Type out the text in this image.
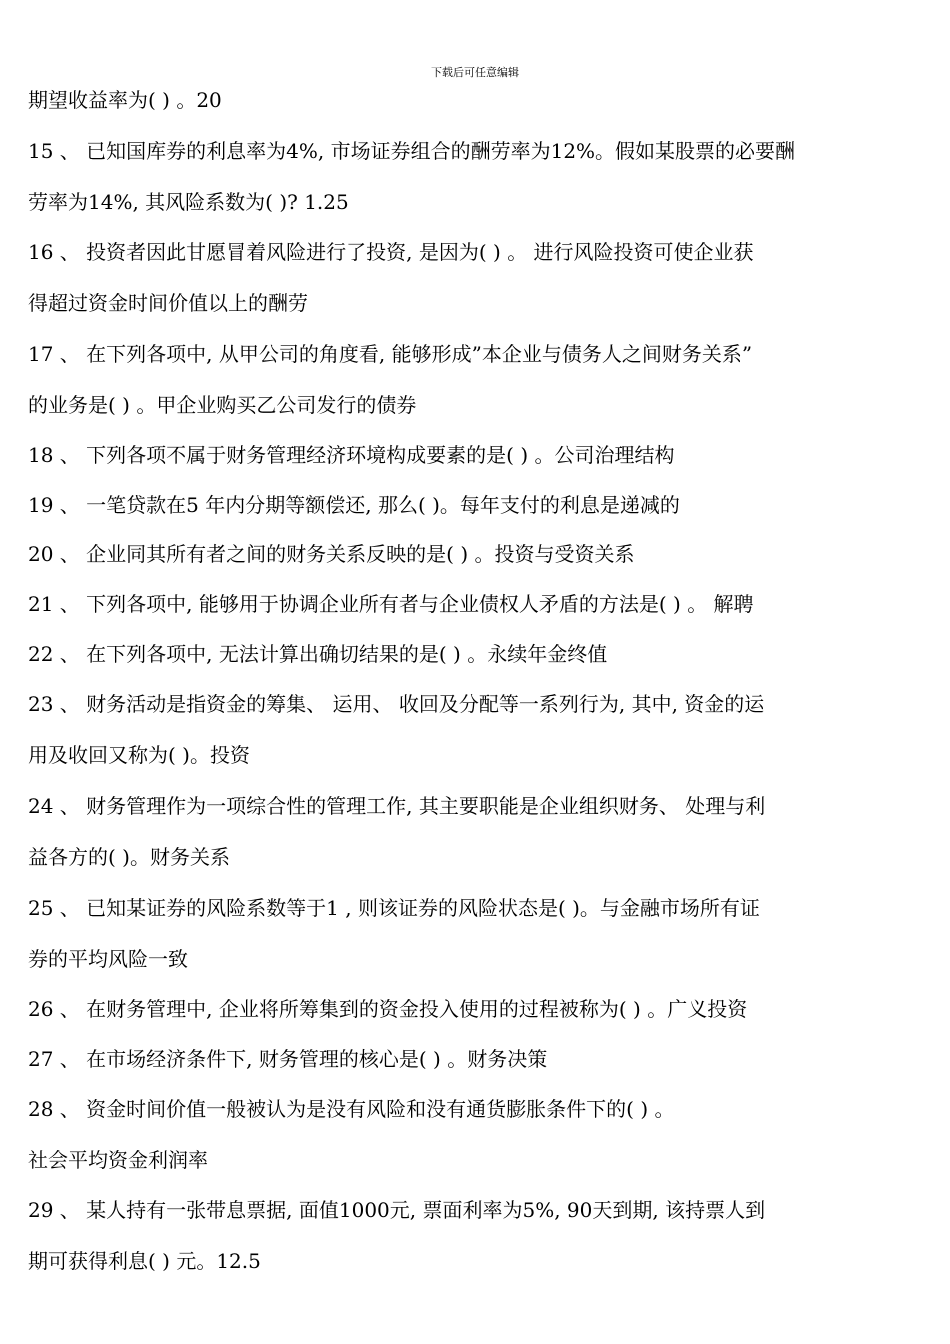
下载后可任意编辑
期望收益率为( ) 。20
15 、 已知国库券的利息率为4%, 市场证券组合的酬劳率为12%。假如某股票的必要酬
劳率为14%, 其风险系数为( )? 1.25
16 、 投资者因此甘愿冒着风险进行了投资, 是因为( ) 。 进行风险投资可使企业获
得超过资金时间价值以上的酬劳
17 、 在下列各项中, 从甲公司的角度看, 能够形成”本企业与债务人之间财务关系”
的业务是( ) 。甲企业购买乙公司发行的债券
18 、 下列各项不属于财务管理经济环境构成要素的是( ) 。公司治理结构
19 、 一笔贷款在5 年内分期等额偿还, 那么( )。每年支付的利息是递减的
20 、 企业同其所有者之间的财务关系反映的是( ) 。投资与受资关系
21 、 下列各项中, 能够用于协调企业所有者与企业债权人矛盾的方法是( ) 。 解聘
22 、 在下列各项中, 无法计算出确切结果的是( ) 。永续年金终值
23 、 财务活动是指资金的筹集、 运用、 收回及分配等一系列行为, 其中, 资金的运
用及收回又称为( )。投资
24 、 财务管理作为一项综合性的管理工作, 其主要职能是企业组织财务、 处理与利
益各方的( )。财务关系
25 、 已知某证券的风险系数等于1 , 则该证券的风险状态是( )。与金融市场所有证
券的平均风险一致
26 、 在财务管理中, 企业将所筹集到的资金投入使用的过程被称为( ) 。广义投资
27 、 在市场经济条件下, 财务管理的核心是( ) 。财务决策
28 、 资金时间价值一般被认为是没有风险和没有通货膨胀条件下的( ) 。
社会平均资金利润率
29 、 某人持有一张带息票据, 面值1000元, 票面利率为5%, 90天到期, 该持票人到
期可获得利息( ) 元。12.5
